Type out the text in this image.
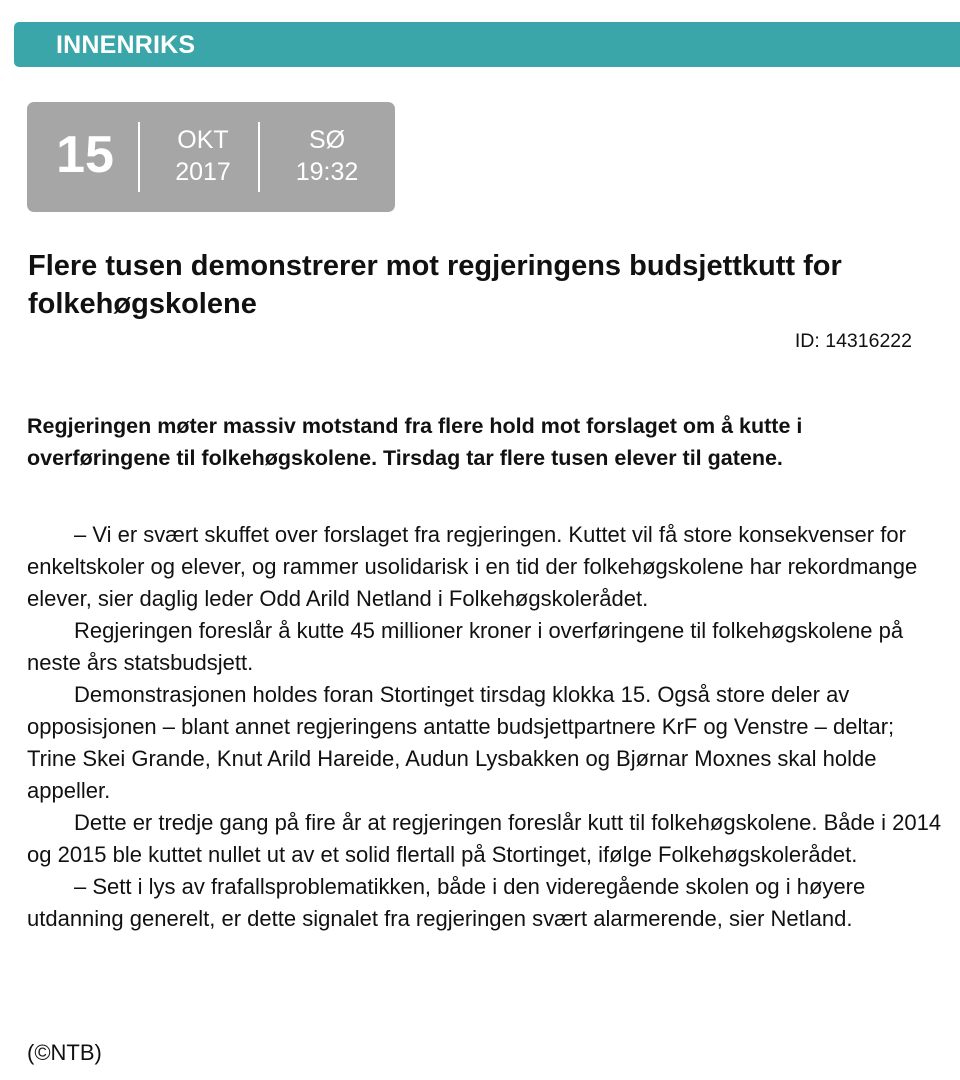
INNENRIKS
15	OKT
2017
SØ
19:32
Flere tusen demonstrerer mot regjeringens budsjettkutt for folkehøgskolene
ID: 14316222

Regjeringen møter massiv motstand fra flere hold mot forslaget om å kutte i overføringene til folkehøgskolene. Tirsdag tar flere tusen elever til gatene.

– Vi er svært skuffet over forslaget fra regjeringen. Kuttet vil få store konsekvenser for enkeltskoler og elever, og rammer usolidarisk i en tid der folkehøgskolene har rekordmange elever, sier daglig leder Odd Arild Netland i Folkehøgskolerådet.

Regjeringen foreslår å kutte 45 millioner kroner i overføringene til folkehøgskolene på neste års statsbudsjett.

Demonstrasjonen holdes foran Stortinget tirsdag klokka 15. Også store deler av opposisjonen – blant annet regjeringens antatte budsjettpartnere KrF og Venstre – deltar; Trine Skei Grande, Knut Arild Hareide, Audun Lysbakken og Bjørnar Moxnes skal holde appeller.

Dette er tredje gang på fire år at regjeringen foreslår kutt til folkehøgskolene. Både i 2014 og 2015 ble kuttet nullet ut av et solid flertall på Stortinget, ifølge Folkehøgskolerådet.

– Sett i lys av frafallsproblematikken, både i den videregående skolen og i høyere utdanning generelt, er dette signalet fra regjeringen svært alarmerende, sier Netland.

(©NTB)
